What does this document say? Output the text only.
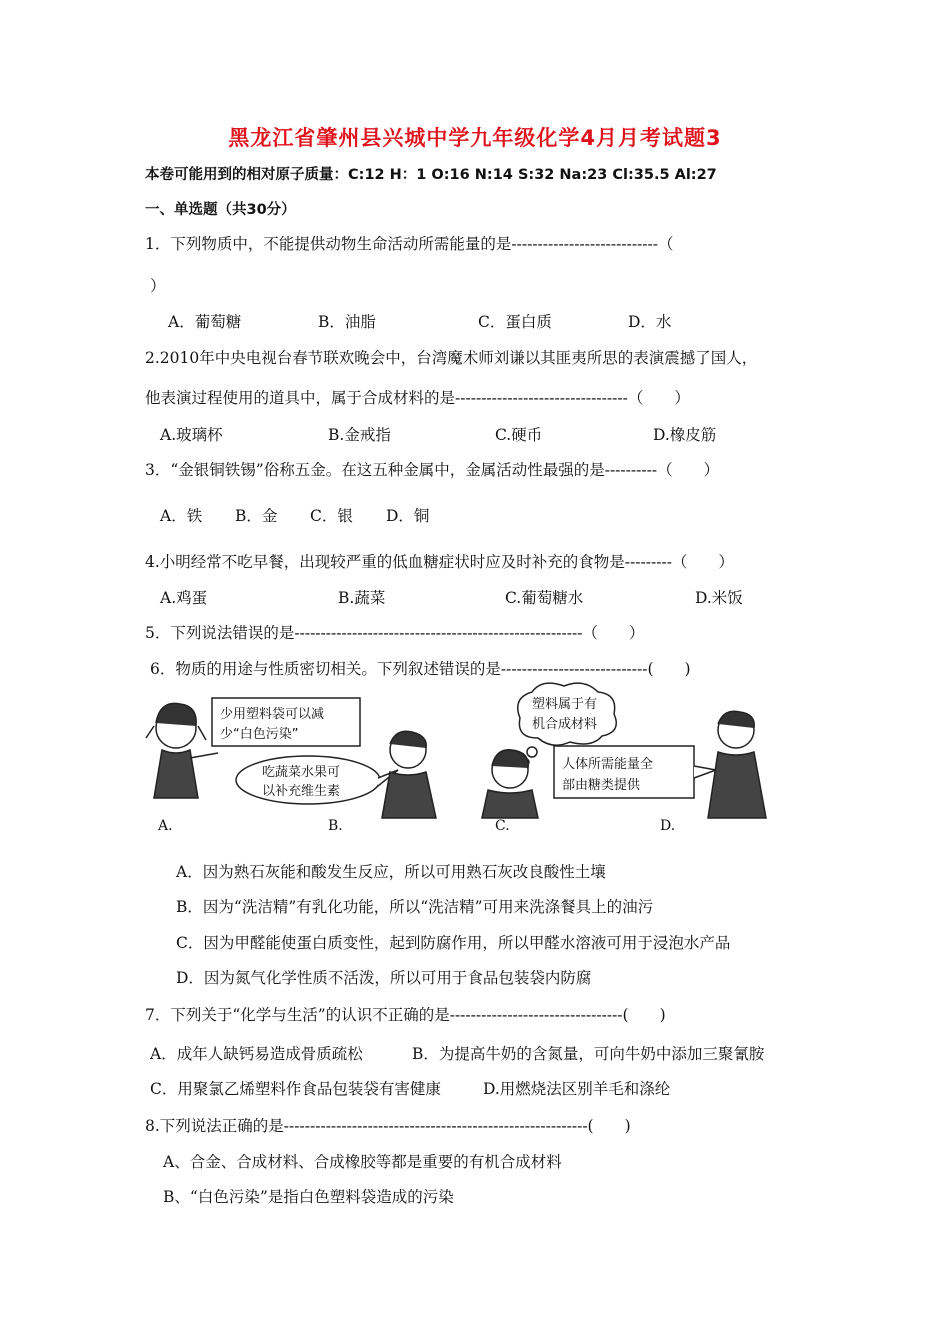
黑龙江省肇州县兴城中学九年级化学4月月考试题3
本卷可能用到的相对原子质量：C:12 H：1 O:16 N:14 S:32 Na:23 Cl:35.5 Al:27
一、单选题（共30分）
1．下列物质中，不能提供动物生命活动所需能量的是----------------------------（
）
A．葡萄糖	B．油脂	C．蛋白质	D．水
2.2010年中央电视台春节联欢晚会中，台湾魔术师刘谦以其匪夷所思的表演震撼了国人，
他表演过程使用的道具中，属于合成材料的是---------------------------------（　　）
A.玻璃杯	B.金戒指	C.硬币	D.橡皮筋
3．“金银铜铁锡”俗称五金。在这五种金属中，金属活动性最强的是----------（　　）
A．铁 B．金 C．银 D．铜
4.小明经常不吃早餐，出现较严重的低血糖症状时应及时补充的食物是---------（　　）
A.鸡蛋	B.蔬菜	C.葡萄糖水	D.米饭
5．下列说法错误的是-------------------------------------------------------（　　）
6．物质的用途与性质密切相关。下列叙述错误的是----------------------------(　　)
少用塑料袋可以减
少“白色污染”
吃蔬菜水果可
以补充维生素
塑料属于有
机合成材料
人体所需能量全
部由糖类提供
A.	B.	C.	D.
A．因为熟石灰能和酸发生反应，所以可用熟石灰改良酸性土壤
B．因为“洗洁精”有乳化功能，所以“洗洁精”可用来洗涤餐具上的油污
C．因为甲醛能使蛋白质变性，起到防腐作用，所以甲醛水溶液可用于浸泡水产品
D．因为氮气化学性质不活泼，所以可用于食品包装袋内防腐
7．下列关于“化学与生活”的认识不正确的是---------------------------------(　　)
A．成年人缺钙易造成骨质疏松	B．为提高牛奶的含氮量，可向牛奶中添加三聚氰胺
C．用聚氯乙烯塑料作食品包装袋有害健康	D.用燃烧法区别羊毛和涤纶
8.下列说法正确的是----------------------------------------------------------(　　)
A、合金、合成材料、合成橡胶等都是重要的有机合成材料
B、“白色污染”是指白色塑料袋造成的污染
